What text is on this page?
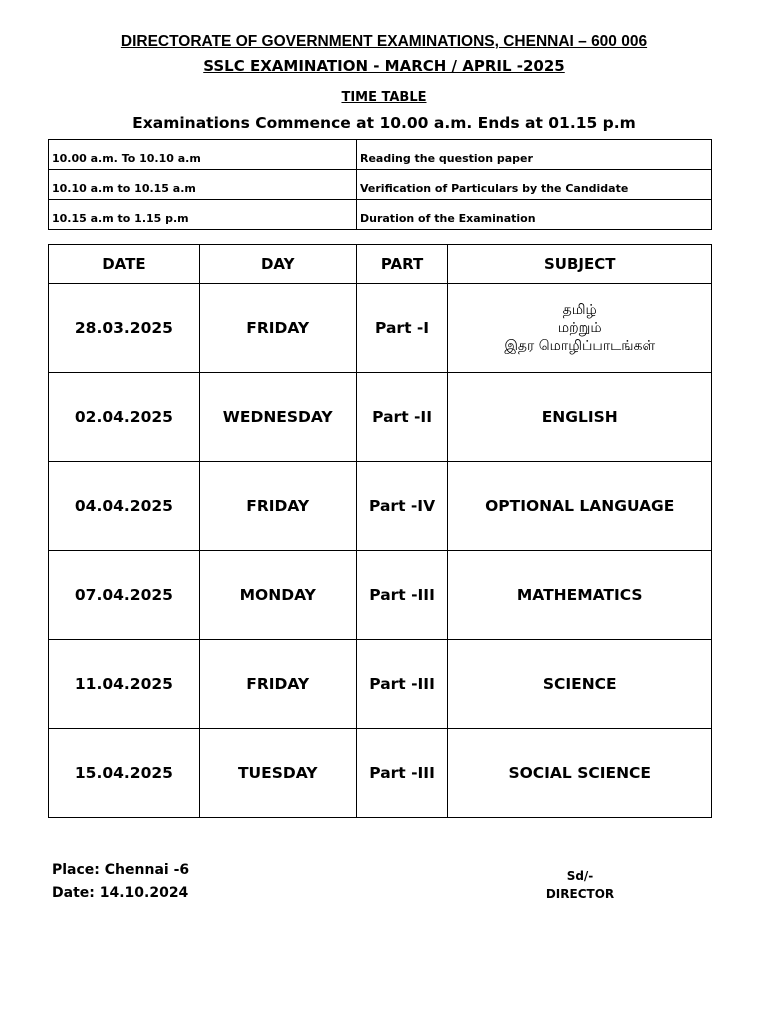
DIRECTORATE OF GOVERNMENT EXAMINATIONS, CHENNAI – 600 006
SSLC EXAMINATION - MARCH / APRIL -2025
TIME TABLE
Examinations Commence at 10.00 a.m. Ends at 01.15 p.m
10.00 a.m. To 10.10 a.m	Reading the question paper
10.10 a.m to 10.15 a.m	Verification of Particulars by the Candidate
10.15 a.m to 1.15 p.m	Duration of the Examination
DATE	DAY	PART	SUBJECT
28.03.2025	FRIDAY	Part -I	தமிழ்
மற்றும்
இதர மொழிப்பாடங்கள்

02.04.2025	WEDNESDAY	Part -II	ENGLISH
04.04.2025	FRIDAY	Part -IV	OPTIONAL LANGUAGE
07.04.2025	MONDAY	Part -III	MATHEMATICS
11.04.2025	FRIDAY	Part -III	SCIENCE
15.04.2025	TUESDAY	Part -III	SOCIAL SCIENCE
Place: Chennai -6
Date: 14.10.2024
Sd/-
DIRECTOR
